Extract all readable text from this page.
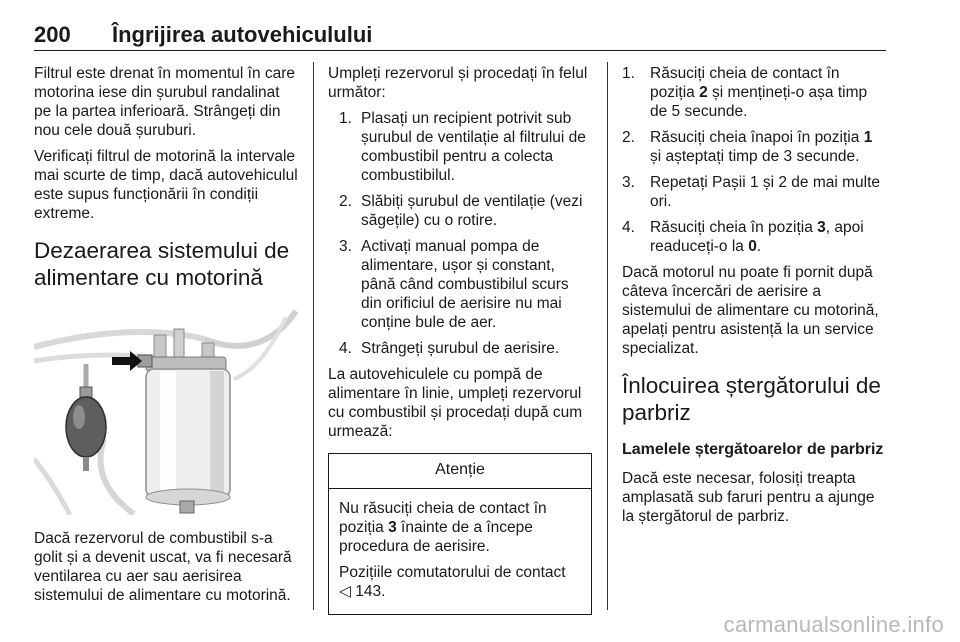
200 Îngrijirea autovehiculului

Filtrul este drenat în momentul în care motorina iese din șurubul randalinat pe la partea inferioară. Strângeți din nou cele două șuruburi.

Verificați filtrul de motorină la intervale mai scurte de timp, dacă autovehiculul este supus funcționării în condiții extreme.

Dezaerarea sistemului de alimentare cu motorină

Dacă rezervorul de combustibil s-a golit și a devenit uscat, va fi necesară ventilarea cu aer sau aerisirea sistemului de alimentare cu motorină.

Umpleți rezervorul și procedați în felul următor:

1. Plasați un recipient potrivit sub șurubul de ventilație al filtrului de combustibil pentru a colecta combustibilul.
2. Slăbiți șurubul de ventilație (vezi săgețile) cu o rotire.
3. Activați manual pompa de alimentare, ușor și constant, până când combustibilul scurs din orificiul de aerisire nu mai conține bule de aer.
4. Strângeți șurubul de aerisire.

La autovehiculele cu pompă de alimentare în linie, umpleți rezervorul cu combustibil și procedați după cum urmează:

Atenție

Nu răsuciți cheia de contact în poziția 3 înainte de a începe procedura de aerisire.

Pozițiile comutatorului de contact ◁ 143.

1. Răsuciți cheia de contact în poziția 2 și mențineți-o așa timp de 5 secunde.
2. Răsuciți cheia înapoi în poziția 1 și așteptați timp de 3 secunde.
3. Repetați Pașii 1 și 2 de mai multe ori.
4. Răsuciți cheia în poziția 3, apoi readuceți-o la 0.

Dacă motorul nu poate fi pornit după câteva încercări de aerisire a sistemului de alimentare cu motorină, apelați pentru asistență la un service specializat.

Înlocuirea ștergătorului de parbriz
Lamelele ștergătoarelor de parbriz

Dacă este necesar, folosiți treapta amplasată sub faruri pentru a ajunge la ștergătorul de parbriz.

carmanualsonline.info
